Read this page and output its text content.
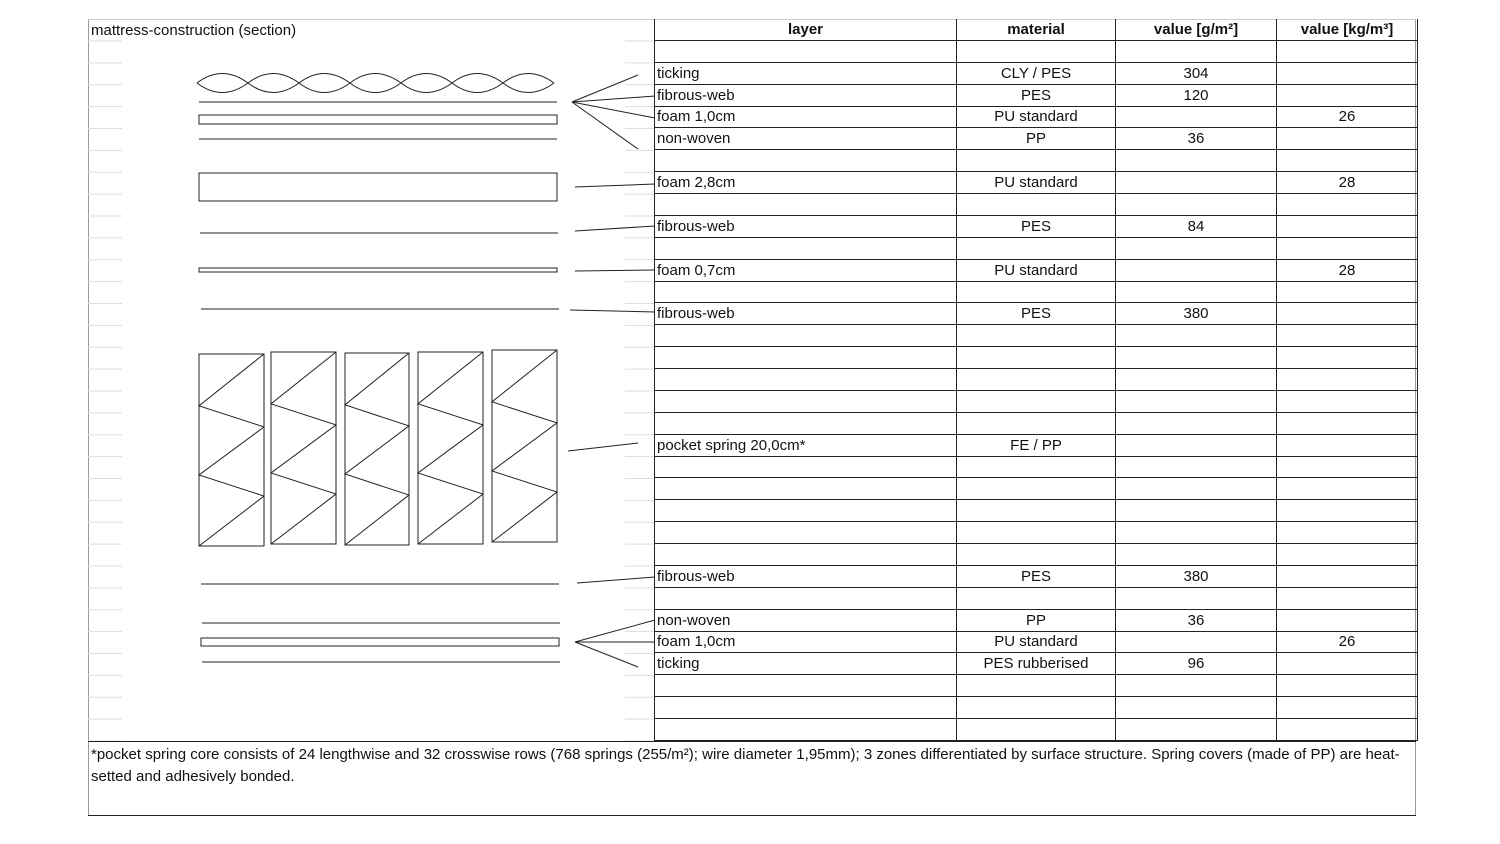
mattress-construction (section)	layer	material	value [g/m²]	value [kg/m³]

ticking	CLY / PES	304	
fibrous-web	PES	120	
foam 1,0cm	PU standard		26
non-woven	PP	36	

foam 2,8cm	PU standard		28

fibrous-web	PES	84	

foam 0,7cm	PU standard		28

fibrous-web	PES	380	

pocket spring 20,0cm*	FE / PP		

fibrous-web	PES	380	

non-woven	PP	36	
foam 1,0cm	PU standard		26
ticking	PES rubberised	96	

*pocket spring core consists of 24 lengthwise and 32 crosswise rows (768 springs (255/m²); wire diameter 1,95mm); 3 zones differentiated by surface structure. Spring covers (made of PP) are heat-setted and adhesively bonded.
